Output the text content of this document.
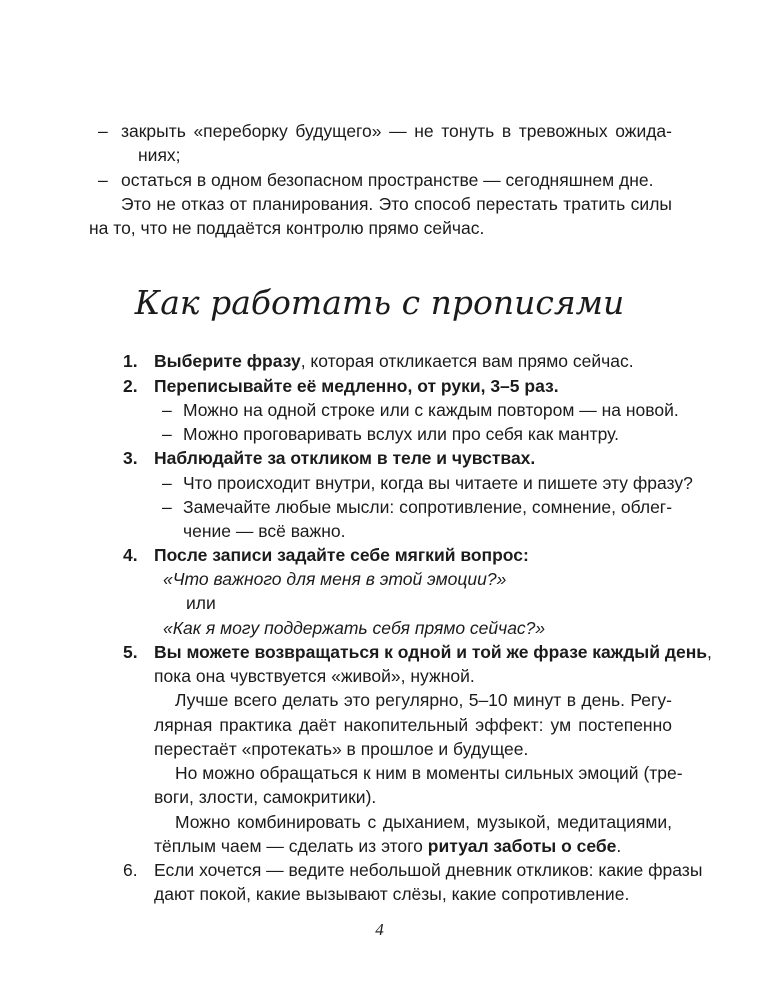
– закрыть «переборку будущего» — не тонуть в тревожных ожида-
ниях;
– остаться в одном безопасном пространстве — сегодняшнем дне.
Это не отказ от планирования. Это способ перестать тратить силы
на то, что не поддаётся контролю прямо сейчас.
Как работать с прописями
1. Выберите фразу, которая откликается вам прямо сейчас.
2. Переписывайте её медленно, от руки, 3–5 раз.
– Можно на одной строке или с каждым повтором — на новой.
– Можно проговаривать вслух или про себя как мантру.
3. Наблюдайте за откликом в теле и чувствах.
– Что происходит внутри, когда вы читаете и пишете эту фразу?
– Замечайте любые мысли: сопротивление, сомнение, облег-
чение — всё важно.
4. После записи задайте себе мягкий вопрос:
«Что важного для меня в этой эмоции?»
или
«Как я могу поддержать себя прямо сейчас?»
5. Вы можете возвращаться к одной и той же фразе каждый день,
пока она чувствуется «живой», нужной.
Лучше всего делать это регулярно, 5–10 минут в день. Регу-
лярная практика даёт накопительный эффект: ум постепенно
перестаёт «протекать» в прошлое и будущее.
Но можно обращаться к ним в моменты сильных эмоций (тре-
воги, злости, самокритики).
Можно комбинировать с дыханием, музыкой, медитациями,
тёплым чаем — сделать из этого ритуал заботы о себе.
6. Если хочется — ведите небольшой дневник откликов: какие фразы
дают покой, какие вызывают слёзы, какие сопротивление.
4
